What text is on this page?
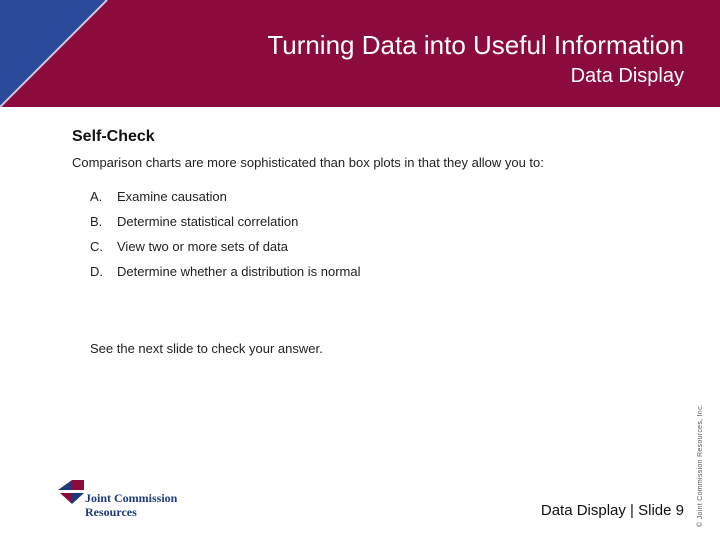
Turning Data into Useful Information
Data Display
Self-Check
Comparison charts are more sophisticated than box plots in that they allow you to:
A. Examine causation
B. Determine statistical correlation
C. View two or more sets of data
D. Determine whether a distribution is normal
See the next slide to check your answer.
© Joint Commission Resources, Inc.
Joint Commission
Resources	Data Display | Slide 9
